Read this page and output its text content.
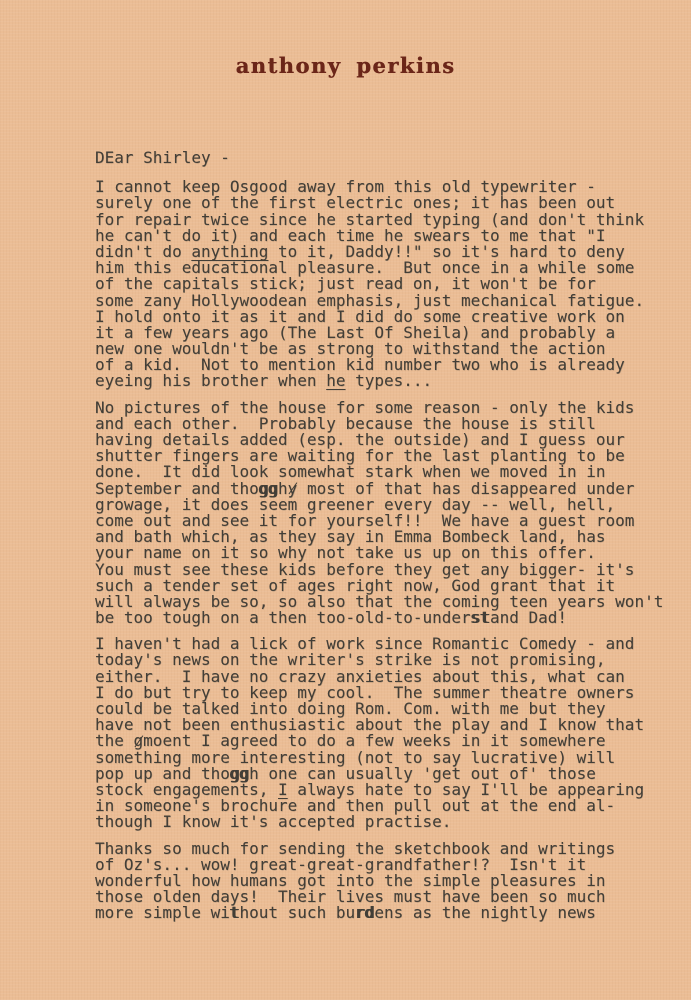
anthony perkins
DEar Shirley -
I cannot keep Osgood away from this old typewriter -
surely one of the first electric ones; it has been out
for repair twice since he started typing (and don't think
he can't do it) and each time he swears to me that "I
didn't do anything to it, Daddy!!" so it's hard to deny
him this educational pleasure.  But once in a while some
of the capitals stick; just read on, it won't be for
some zany Hollywoodean emphasis, just mechanical fatigue.
I hold onto it as it and I did do some creative work on
it a few years ago (The Last Of Sheila) and probably a
new one wouldn't be as strong to withstand the action
of a kid.  Not to mention kid number two who is already
eyeing his brother when he types...
No pictures of the house for some reason - only the kids
and each other.  Probably because the house is still
having details added (esp. the outside) and I guess our
shutter fingers are waiting for the last planting to be
done.  It did look somewhat stark when we moved in in
September and thogghy most of that has disappeared under
growage, it does seem greener every day -- well, hell,
come out and see it for yourself!!  We have a guest room
and bath which, as they say in Emma Bombeck land, has
your name on it so why not take us up on this offer.
You must see these kids before they get any bigger- it's
such a tender set of ages right now, God grant that it
will always be so, so also that the coming teen years won't
be too tough on a then too-old-to-understand Dad!
I haven't had a lick of work since Romantic Comedy - and
today's news on the writer's strike is not promising,
either.  I have no crazy anxieties about this, what can
I do but try to keep my cool.  The summer theatre owners
could be talked into doing Rom. Com. with me but they
have not been enthusiastic about the play and I know that
the gmoent I agreed to do a few weeks in it somewhere
something more interesting (not to say lucrative) will
pop up and thoggh one can usually 'get out of' those
stock engagements, I always hate to say I'll be appearing
in someone's brochure and then pull out at the end al-
though I know it's accepted practise.
Thanks so much for sending the sketchbook and writings
of Oz's... wow! great-great-grandfather!?  Isn't it
wonderful how humans got into the simple pleasures in
those olden days!  Their lives must have been so much
more simple without such burdens as the nightly news
